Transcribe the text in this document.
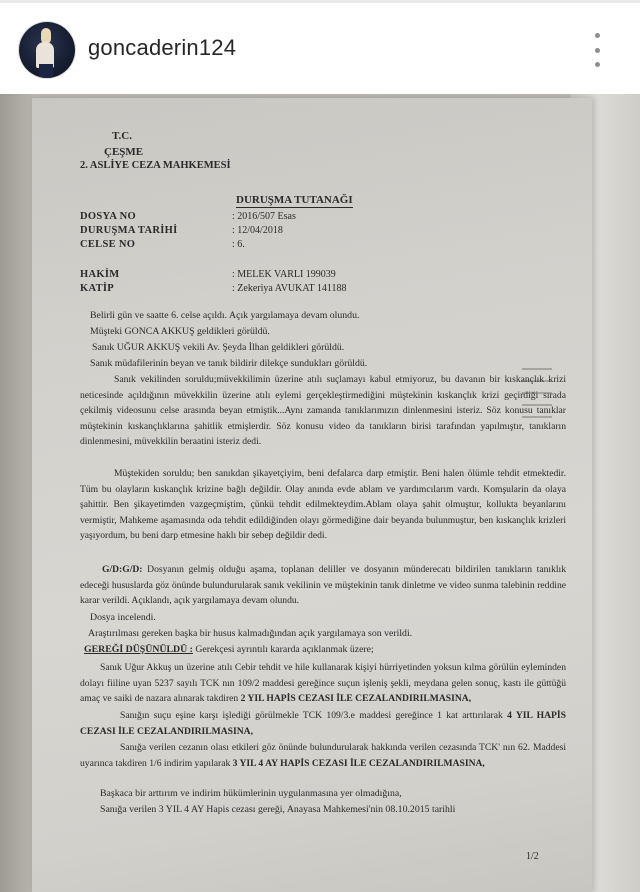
goncaderin124
T.C.
ÇEŞME
2. ASLİYE CEZA MAHKEMESİ
DURUŞMA TUTANAĞI
DOSYA NO	: 2016/507 Esas
DURUŞMA TARİHİ	: 12/04/2018
CELSE NO	: 6.
HAKİM	: MELEK VARLI 199039
KATİP	: Zekeriya AVUKAT 141188
Belirli gün ve saatte 6. celse açıldı. Açık yargılamaya devam olundu.
Müşteki GONCA AKKUŞ geldikleri görüldü.
Sanık UĞUR AKKUŞ vekili Av. Şeyda İlhan geldikleri görüldü.
Sanık müdafilerinin beyan ve tanık bildirir dilekçe sundukları görüldü.
Sanık vekilinden soruldu;müvekkilimin üzerine atılı suçlamayı kabul etmiyoruz, bu davanın bir kıskançlık krizi neticesinde açıldığının müvekkilin üzerine atılı eylemi gerçekleştirmediğini müştekinin kıskançlık krizi geçirdiği sırada çekilmiş videosunu celse arasında beyan etmiştik...Aynı zamanda tanıklarımızın dinlenmesini isteriz. Söz konusu tanıklar müştekinin kıskançlıklarına şahitlik etmişlerdir. Söz konusu video da tanıkların birisi tarafından yapılmıştır, tanıkların dinlenmesini, müvekkilin beraatini isteriz dedi.
Müştekiden soruldu; ben sanıkdan şikayetçiyim, beni defalarca darp etmiştir. Beni halen ölümle tehdit etmektedir. Tüm bu olayların kıskançlık krizine bağlı değildir. Olay anında evde ablam ve yardımcılarım vardı. Komşularin da olaya şahittir. Ben şikayetimden vazgeçmiştim, çünkü tehdit edilmekteydim.Ablam olaya şahit olmuştur, kollukta beyanlarını vermiştir, Mahkeme aşamasında oda tehdit edildiğinden olayı görmediğine dair beyanda bulunmuştur, ben kıskançlık krizleri yaşıyordum, bu beni darp etmesine haklı bir sebep değildir dedi.
G/D:G/D: Dosyanın gelmiş olduğu aşama, toplanan deliller ve dosyanın münderecatı bildirilen tanıkların tanıklık edeceği hususlarda göz önünde bulundurularak sanık vekilinin ve müştekinin tanık dinletme ve video sunma talebinin reddine karar verildi. Açıklandı, açık yargılamaya devam olundu.
Dosya incelendi.
Araştırılması gereken başka bir husus kalmadığından açık yargılamaya son verildi.
GEREĞİ DÜŞÜNÜLDÜ : Gerekçesi ayrıntılı kararda açıklanmak üzere;
Sanık Uğur Akkuş un üzerine atılı Cebir tehdit ve hile kullanarak kişiyi hürriyetinden yoksun kılma görülün eyleminden dolayı fiiline uyan 5237 sayılı TCK nın 109/2 maddesi gereğince suçun işleniş şekli, meydana gelen sonuç, kastı ile güttüğü amaç ve saiki de nazara alınarak takdiren 2 YIL HAPİS CEZASI İLE CEZALANDIRILMASINA,
Sanığın suçu eşine karşı işlediği görülmekle TCK 109/3.e maddesi gereğince 1 kat arttırılarak 4 YIL HAPİS CEZASI İLE CEZALANDIRILMASINA,
Sanığa verilen cezanın olası etkileri göz önünde bulundurularak hakkında verilen cezasında TCK' nın 62. Maddesi uyarınca takdiren 1/6 indirim yapılarak 3 YIL 4 AY HAPİS CEZASI İLE CEZALANDIRILMASINA,
Başkaca bir arttırım ve indirim hükümlerinin uygulanmasına yer olmadığına,
Sanığa verilen 3 YIL 4 AY Hapis cezası gereği, Anayasa Mahkemesi'nin 08.10.2015 tarihli
1/2
